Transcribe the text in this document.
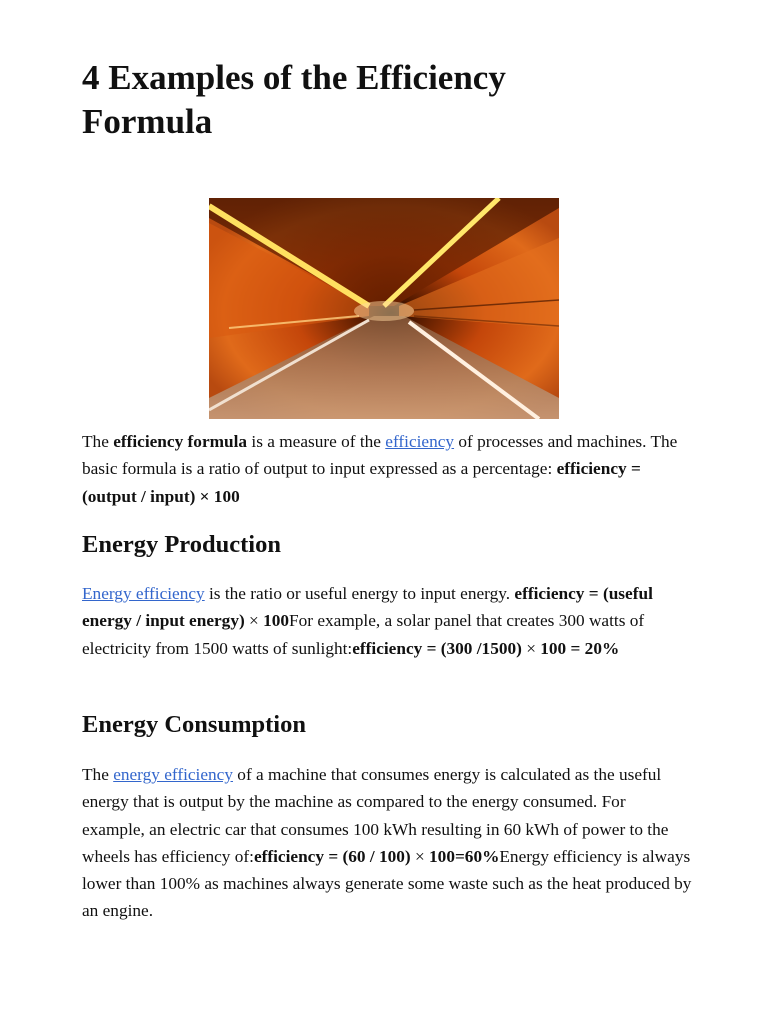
4 Examples of the Efficiency Formula

The efficiency formula is a measure of the efficiency of processes and machines. The basic formula is a ratio of output to input expressed as a percentage: efficiency = (output / input) × 100

Energy Production

Energy efficiency is the ratio or useful energy to input energy. efficiency = (useful energy / input energy) × 100For example, a solar panel that creates 300 watts of electricity from 1500 watts of sunlight:efficiency = (300 /1500) × 100 = 20%

Energy Consumption

The energy efficiency of a machine that consumes energy is calculated as the useful energy that is output by the machine as compared to the energy consumed. For example, an electric car that consumes 100 kWh resulting in 60 kWh of power to the wheels has efficiency of:efficiency = (60 / 100) × 100=60%Energy efficiency is always lower than 100% as machines always generate some waste such as the heat produced by an engine.
